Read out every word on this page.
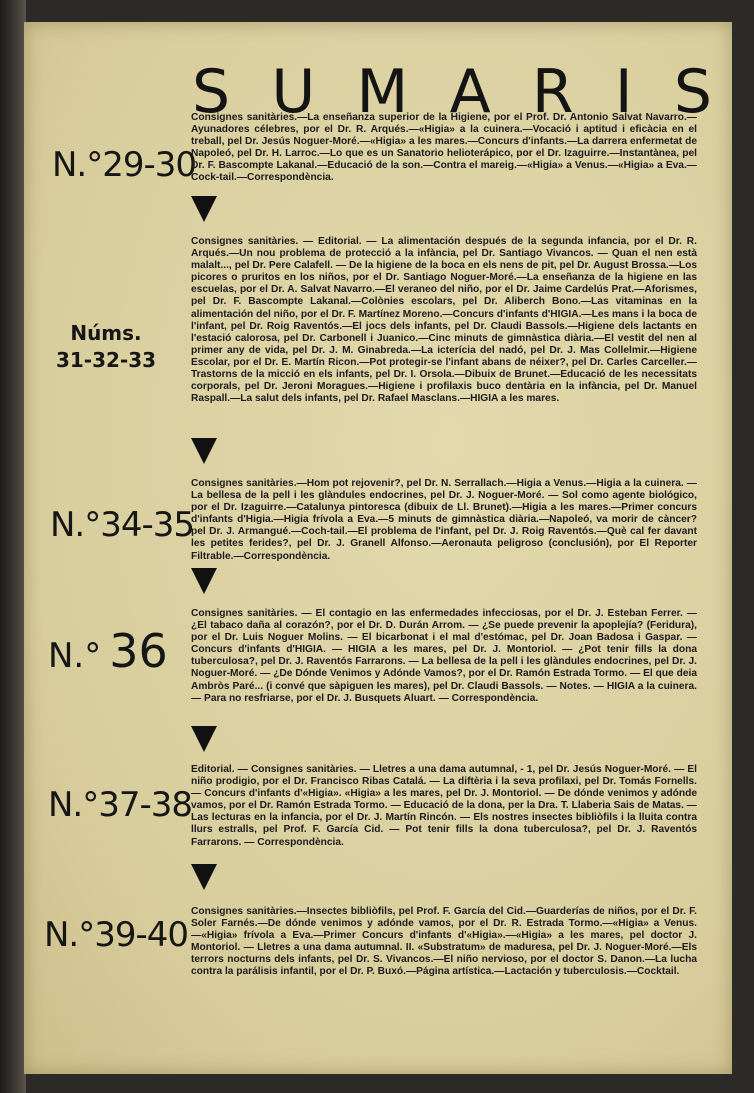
S U M A R I S
N.°29-30
Consignes sanitàries.—La enseñanza superior de la Higiene, por el Prof. Dr. Antonio Salvat Navarro.—Ayunadores célebres, por el Dr. R. Arqués.—«Higia» a la cuinera.—Vocació i aptitud i eficàcia en el treball, pel Dr. Jesús Noguer-Moré.—«Higia» a les mares.—Concurs d'infants.—La darrera enfermetat de Napoleó, pel Dr. H. Larroc.—Lo que es un Sanatorio helioterápico, por el Dr. Izaguirre.—Instantànea, pel Dr. F. Bascompte Lakanal.—Educació de la son.—Contra el mareig.—«Higia» a Venus.—«Higia» a Eva.—Cock-tail.—Correspondència.
Núms.
31-32-33
Consignes sanitàries. — Editorial. — La alimentación después de la segunda infancia, por el Dr. R. Arqués.—Un nou problema de protecció a la infància, pel Dr. Santiago Vivancos. — Quan el nen està malalt..., pel Dr. Pere Calafell. — De la higiene de la boca en els nens de pit, pel Dr. August Brossa.—Los picores o pruritos en los niños, por el Dr. Santiago Noguer-Moré.—La enseñanza de la higiene en las escuelas, por el Dr. A. Salvat Navarro.—El veraneo del niño, por el Dr. Jaime Cardelús Prat.—Aforismes, pel Dr. F. Bascompte Lakanal.—Colònies escolars, pel Dr. Aliberch Bono.—Las vitaminas en la alimentación del niño, por el Dr. F. Martínez Moreno.—Concurs d'infants d'HIGIA.—Les mans i la boca de l'infant, pel Dr. Roig Raventós.—El jocs dels infants, pel Dr. Claudi Bassols.—Higiene dels lactants en l'estació calorosa, pel Dr. Carbonell i Juanico.—Cinc minuts de gimnàstica diària.—El vestit del nen al primer any de vida, pel Dr. J. M. Ginabreda.—La icterícia del nadó, pel Dr. J. Mas Collelmir.—Higiene Escolar, por el Dr. E. Martín Ricon.—Pot protegir-se l'infant abans de néixer?, pel Dr. Carles Carceller.—Trastorns de la micció en els infants, pel Dr. I. Orsola.—Dibuix de Brunet.—Educació de les necessitats corporals, pel Dr. Jeroni Moragues.—Higiene i profilaxis buco dentària en la infància, pel Dr. Manuel Raspall.—La salut dels infants, pel Dr. Rafael Masclans.—HIGIA a les mares.
N.°34-35
Consignes sanitàries.—Hom pot rejovenir?, pel Dr. N. Serrallach.—Higia a Venus.—Higia a la cuinera. — La bellesa de la pell i les glàndules endocrines, pel Dr. J. Noguer-Moré. — Sol como agente biológico, por el Dr. Izaguirre.—Catalunya pintoresca (dibuix de Ll. Brunet).—Higia a les mares.—Primer concurs d'infants d'Higia.—Higia frívola a Eva.—5 minuts de gimnàstica diària.—Napoleó, va morir de càncer? pel Dr. J. Armangué.—Coch-tail.—El problema de l'infant, pel Dr. J. Roig Raventós.—Què cal fer davant les petites ferides?, pel Dr. J. Granell Alfonso.—Aeronauta peligroso (conclusión), por El Reporter Filtrable.—Correspondència.
N.° 36
Consignes sanitàries. — El contagio en las enfermedades infecciosas, por el Dr. J. Esteban Ferrer. — ¿El tabaco daña al corazón?, por el Dr. D. Durán Arrom. — ¿Se puede prevenir la apoplejía? (Feridura), por el Dr. Luis Noguer Molins. — El bicarbonat i el mal d'estómac, pel Dr. Joan Badosa i Gaspar. — Concurs d'infants d'HIGIA. — HIGIA a les mares, pel Dr. J. Montoriol. — ¿Pot tenir fills la dona tuberculosa?, pel Dr. J. Raventós Farrarons. — La bellesa de la pell i les glàndules endocrines, pel Dr. J. Noguer-Moré. — ¿De Dónde Venimos y Adónde Vamos?, por el Dr. Ramón Estrada Tormo. — El que deia Ambròs Paré... (i convé que sàpiguen les mares), pel Dr. Claudi Bassols. — Notes. — HIGIA a la cuinera. — Para no resfriarse, por el Dr. J. Busquets Aluart. — Correspondència.
N.°37-38
Editorial. — Consignes sanitàries. — Lletres a una dama autumnal, - 1, pel Dr. Jesús Noguer-Moré. — El niño prodigio, por el Dr. Francisco Ribas Catalá. — La diftèria i la seva profilaxi, pel Dr. Tomás Fornells. — Concurs d'infants d'«Higia». «Higia» a les mares, pel Dr. J. Montoriol. — De dónde venimos y adónde vamos, por el Dr. Ramón Estrada Tormo. — Educació de la dona, per la Dra. T. Llaberia Sais de Matas. — Las lecturas en la infancia, por el Dr. J. Martín Rincón. — Els nostres insectes bibliòfils i la lluita contra llurs estralls, pel Prof. F. García Cid. — Pot tenir fills la dona tuberculosa?, pel Dr. J. Raventós Farrarons. — Correspondència.
N.°39-40
Consignes sanitàries.—Insectes bibliòfils, pel Prof. F. García del Cid.—Guarderías de niños, por el Dr. F. Soler Farnés.—De dónde venimos y adónde vamos, por el Dr. R. Estrada Tormo.—«Higia» a Venus.—«Higia» frívola a Eva.—Primer Concurs d'infants d'«Higia».—«Higia» a les mares, pel doctor J. Montoriol. — Lletres a una dama autumnal. II. «Substratum» de maduresa, pel Dr. J. Noguer-Moré.—Els terrors nocturns dels infants, pel Dr. S. Vivancos.—El niño nervioso, por el doctor S. Danon.—La lucha contra la parálisis infantil, por el Dr. P. Buxó.—Página artística.—Lactación y tuberculosis.—Cocktail.
